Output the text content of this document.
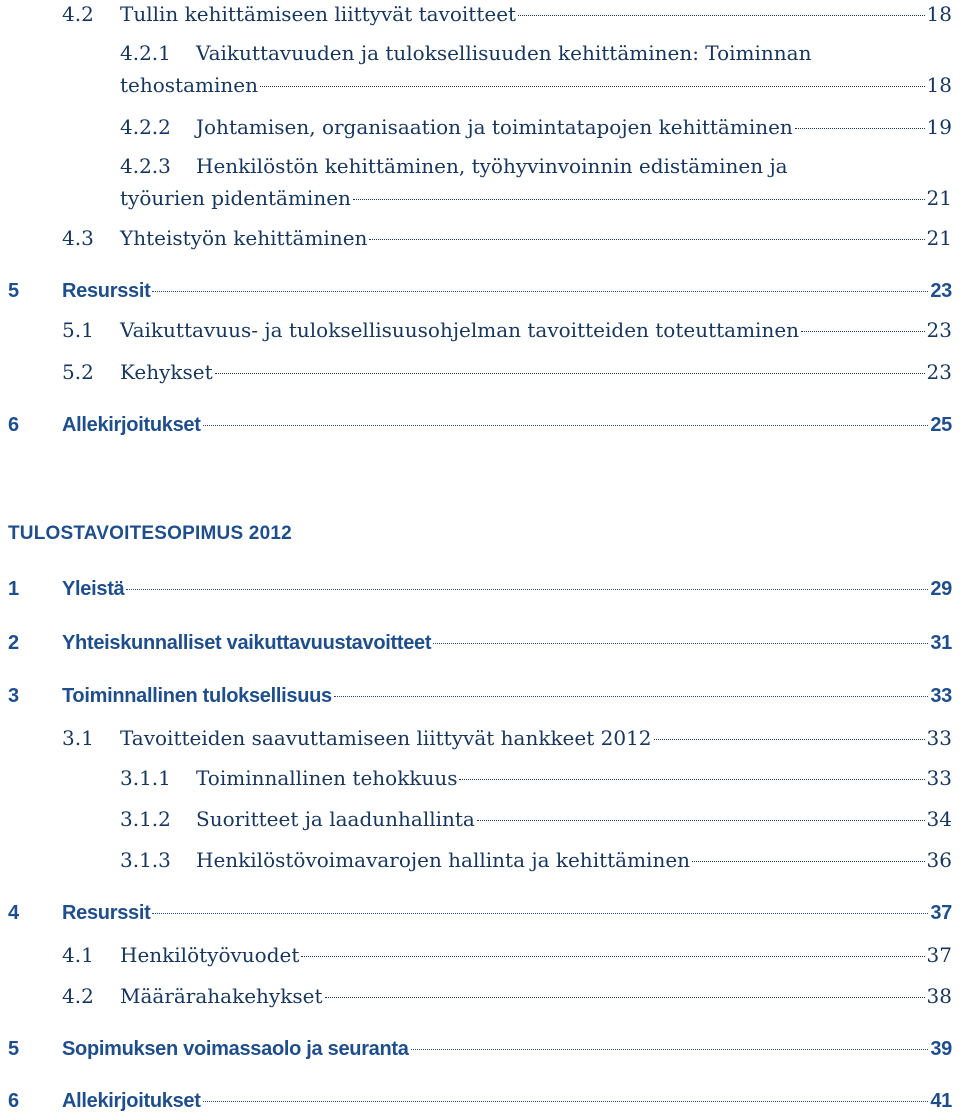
TULOSTAVOITESOPIMUS 2012
4.2 Tullin kehittämiseen liittyvät tavoitteet	18
4.2.1 Vaikuttavuuden ja tuloksellisuuden kehittäminen: Toiminnan
tehostaminen	18
4.2.2 Johtamisen, organisaation ja toimintatapojen kehittäminen	19
4.2.3 Henkilöstön kehittäminen, työhyvinvoinnin edistäminen ja
työurien pidentäminen	21
4.3 Yhteistyön kehittäminen	21
5 Resurssit	23
5.1 Vaikuttavuus- ja tuloksellisuusohjelman tavoitteiden toteuttaminen	23
5.2 Kehykset	23
6 Allekirjoitukset	25
1 Yleistä	29
2 Yhteiskunnalliset vaikuttavuustavoitteet	31
3 Toiminnallinen tuloksellisuus	33
3.1 Tavoitteiden saavuttamiseen liittyvät hankkeet 2012	33
3.1.1 Toiminnallinen tehokkuus	33
3.1.2 Suoritteet ja laadunhallinta	34
3.1.3 Henkilöstövoimavarojen hallinta ja kehittäminen	36
4 Resurssit	37
4.1 Henkilötyövuodet	37
4.2 Määrärahakehykset	38
5 Sopimuksen voimassaolo ja seuranta	39
6 Allekirjoitukset	41
